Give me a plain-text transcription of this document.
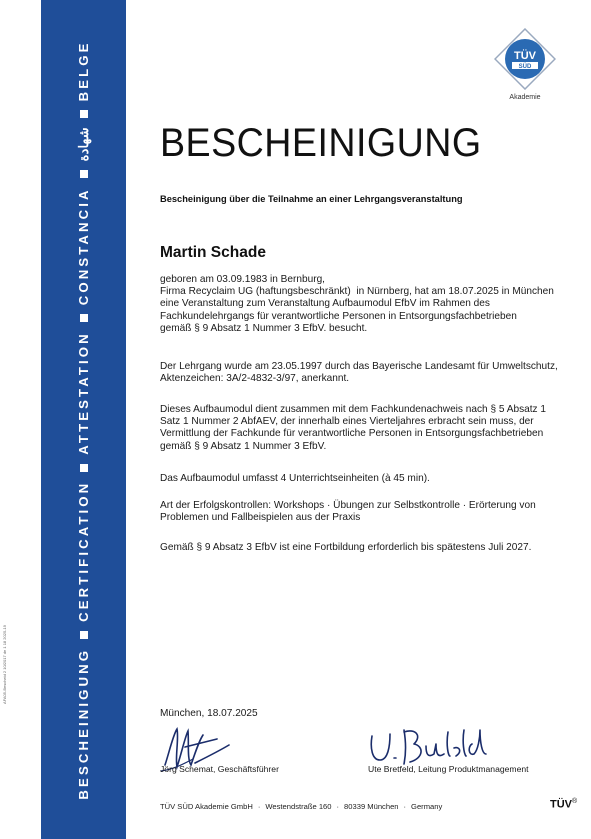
BESCHEINIGUNGCERTIFICATIONATTESTATIONCONSTANCIAشهادةBELGE
AFA05-Bescheid 2 10/2017 de 1 18 2025-19
TÜV
SÜD
Akademie
BESCHEINIGUNG
Bescheinigung über die Teilnahme an einer Lehrgangsveranstaltung
Martin Schade
geboren am 03.09.1983 in Bernburg,
Firma Recyclaim UG (haftungsbeschränkt)  in Nürnberg, hat am 18.07.2025 in München
eine Veranstaltung zum Veranstaltung Aufbaumodul EfbV im Rahmen des
Fachkundelehrgangs für verantwortliche Personen in Entsorgungsfachbetrieben
gemäß § 9 Absatz 1 Nummer 3 EfbV. besucht.
Der Lehrgang wurde am 23.05.1997 durch das Bayerische Landesamt für Umweltschutz,
Aktenzeichen: 3A/2-4832-3/97, anerkannt.
Dieses Aufbaumodul dient zusammen mit dem Fachkundenachweis nach § 5 Absatz 1
Satz 1 Nummer 2 AbfAEV, der innerhalb eines Vierteljahres erbracht sein muss, der
Vermittlung der Fachkunde für verantwortliche Personen in Entsorgungsfachbetrieben
gemäß § 9 Absatz 1 Nummer 3 EfbV.
Das Aufbaumodul umfasst 4 Unterrichtseinheiten (à 45 min).
Art der Erfolgskontrollen: Workshops · Übungen zur Selbstkontrolle · Erörterung von
Problemen und Fallbeispielen aus der Praxis
Gemäß § 9 Absatz 3 EfbV ist eine Fortbildung erforderlich bis spätestens Juli 2027.
München, 18.07.2025
Jörg Schemat, Geschäftsführer	Ute Bretfeld, Leitung Produktmanagement
TÜV SÜD Akademie GmbH · Westendstraße 160 · 80339 München · Germany	TÜV®
